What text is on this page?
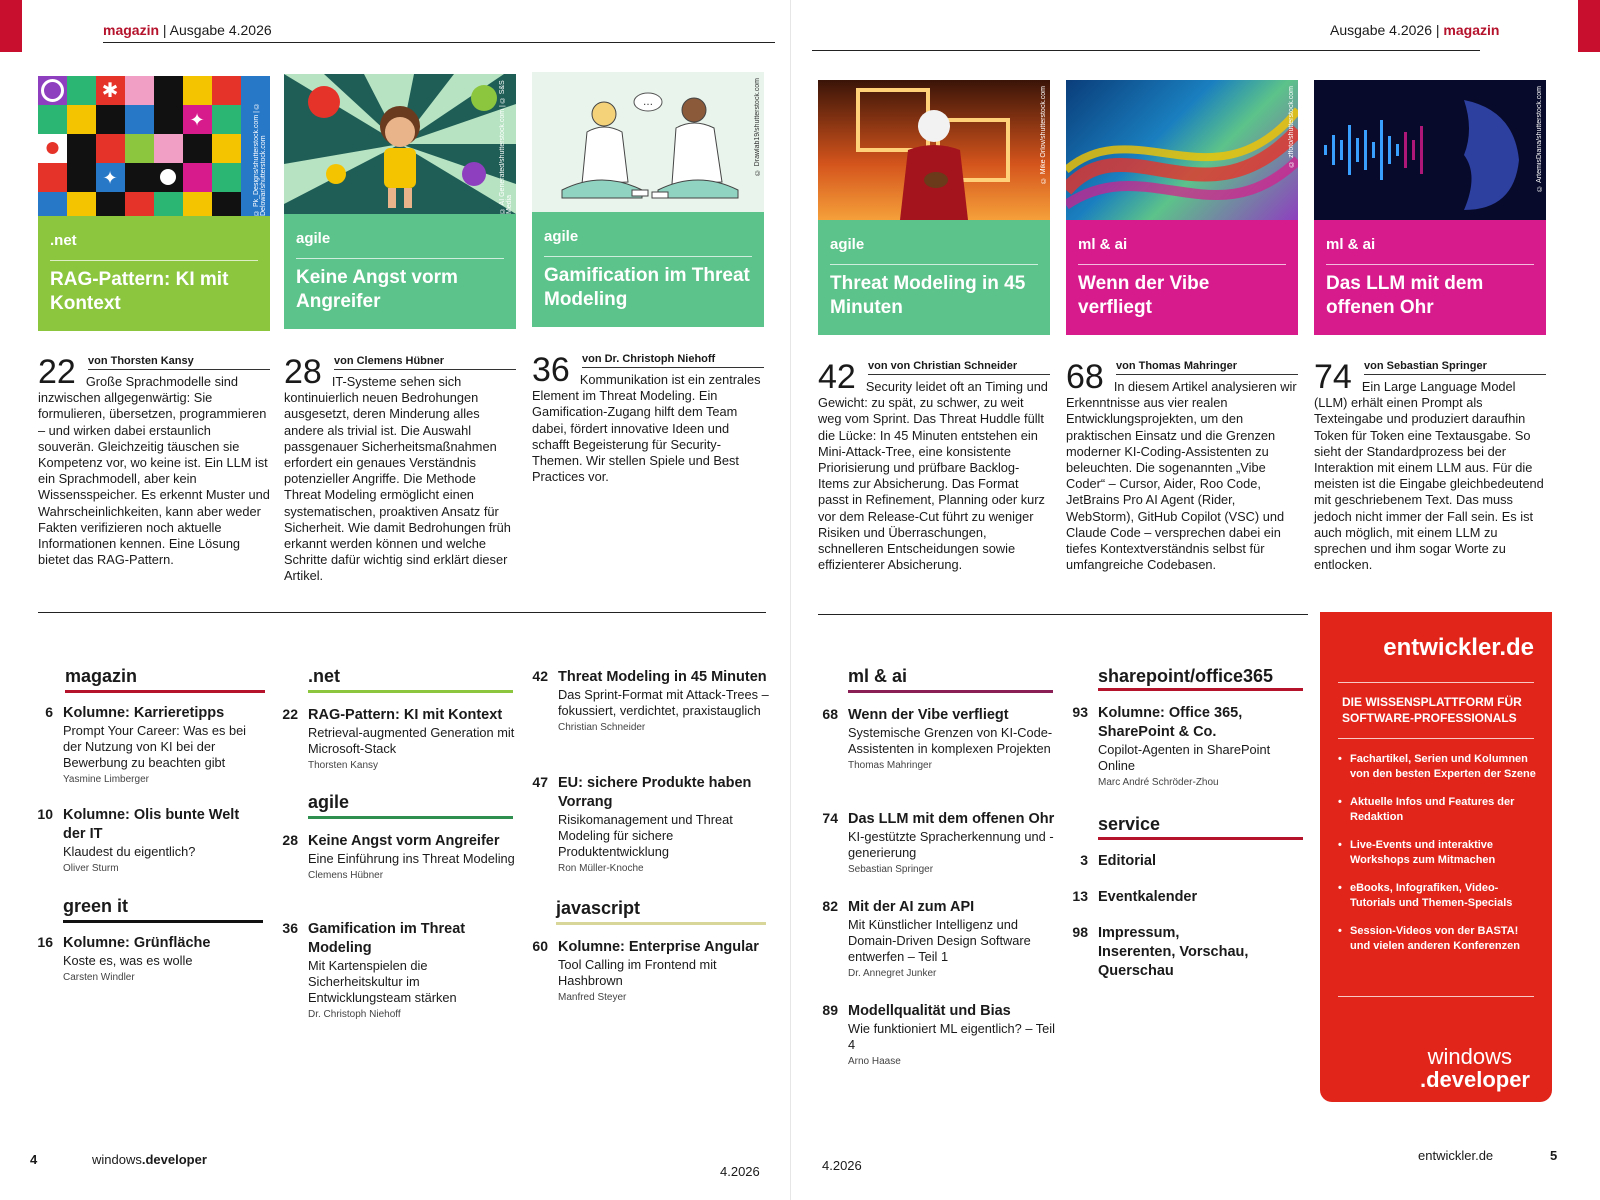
magazin | Ausgabe 4.2026	Ausgabe 4.2026 | magazin
✱
✦
✦	© Pk_Designs/shutterstock.com | © Delowar/shutterstock.com
.net
RAG-Pattern: KI mit Kontext
© AI Generated/shutterstock.com | © S&S Media
agile
Keine Angst vorm Angreifer
…	© Drawlab19/shutterstock.com
agile
Gamification im Threat Modeling
© Mike Orlov/shutterstock.com
agile
Threat Modeling in 45 Minuten
© zffoto/shutterstock.com
ml & ai
Wenn der Vibe verfliegt
© ArtemisDiana/shutterstock.com
ml & ai
Das LLM mit dem offenen Ohr
22 von Thorsten Kansy
Große Sprachmodelle sind inzwischen allgegenwärtig: Sie formulieren, übersetzen, programmieren – und wirken dabei erstaunlich souverän. Gleichzeitig täuschen sie Kompetenz vor, wo keine ist. Ein LLM ist ein Sprachmodell, aber kein Wissensspeicher. Es erkennt Muster und Wahrscheinlichkeiten, kann aber weder Fakten verifizieren noch aktuelle Informationen kennen. Eine Lösung bietet das RAG-Pattern.
28 von Clemens Hübner
IT-Systeme sehen sich kontinuierlich neuen Bedrohungen ausgesetzt, deren Minderung alles andere als trivial ist. Die Auswahl passgenauer Sicherheitsmaßnahmen erfordert ein genaues Verständnis potenzieller Angriffe. Die Methode Threat Modeling ermöglicht einen systematischen, proaktiven Ansatz für Sicherheit. Wie damit Bedrohungen früh erkannt werden können und welche Schritte dafür wichtig sind erklärt dieser Artikel.
36 von Dr. Christoph Niehoff
Kommunikation ist ein zentrales Element im Threat Modeling. Ein Gamification-Zugang hilft dem Team dabei, fördert innovative Ideen und schafft Begeisterung für Security-Themen. Wir stellen Spiele und Best Practices vor.
42 von von Christian Schneider
Security leidet oft an Timing und Gewicht: zu spät, zu schwer, zu weit weg vom Sprint. Das Threat Huddle füllt die Lücke: In 45 Minuten entstehen ein Mini-Attack-Tree, eine konsistente Priorisierung und prüfbare Backlog-Items zur Absicherung. Das Format passt in Refinement, Planning oder kurz vor dem Release-Cut führt zu weniger Risiken und Überraschungen, schnelleren Entscheidungen sowie effizienterer Absicherung.
68 von Thomas Mahringer
In diesem Artikel analysieren wir Erkenntnisse aus vier realen Entwicklungsprojekten, um den praktischen Einsatz und die Grenzen moderner KI-Coding-Assistenten zu beleuchten. Die sogenannten „Vibe Coder“ – Cursor, Aider, Roo Code, JetBrains Pro AI Agent (Rider, WebStorm), GitHub Copilot (VSC) und Claude Code – versprechen dabei ein tiefes Kontextverständnis selbst für umfangreiche Codebasen.
74 von Sebastian Springer
Ein Large Language Model (LLM) erhält einen Prompt als Texteingabe und produziert daraufhin Token für Token eine Textausgabe. So sieht der Standardprozess bei der Interaktion mit einem LLM aus. Für die meisten ist die Eingabe gleichbedeutend mit geschriebenem Text. Das muss jedoch nicht immer der Fall sein. Es ist auch möglich, mit einem LLM zu sprechen und ihm sogar Worte zu entlocken.
magazin
6 Kolumne: Karrieretipps
Prompt Your Career: Was es bei der Nutzung von KI bei der Bewerbung zu beachten gibt
Yasmine Limberger
10 Kolumne: Olis bunte Welt der IT
Klaudest du eigentlich?
Oliver Sturm
green it
16 Kolumne: Grünfläche
Koste es, was es wolle
Carsten Windler
.net
22 RAG-Pattern: KI mit Kontext
Retrieval-augmented Generation mit Microsoft-Stack
Thorsten Kansy
agile
28 Keine Angst vorm Angreifer
Eine Einführung ins Threat Modeling
Clemens Hübner
36 Gamification im Threat Modeling
Mit Kartenspielen die Sicherheitskultur im Entwicklungsteam stärken
Dr. Christoph Niehoff
42 Threat Modeling in 45 Minuten
Das Sprint-Format mit Attack-Trees – fokussiert, verdichtet, praxistauglich
Christian Schneider
47 EU: sichere Produkte haben Vorrang
Risikomanagement und Threat Modeling für sichere Produktentwicklung
Ron Müller-Knoche
javascript
60 Kolumne: Enterprise Angular
Tool Calling im Frontend mit Hashbrown
Manfred Steyer
ml & ai
68 Wenn der Vibe verfliegt
Systemische Grenzen von KI-Code-Assistenten in komplexen Projekten
Thomas Mahringer
74 Das LLM mit dem offenen Ohr
KI-gestützte Spracherkennung und -generierung
Sebastian Springer
82 Mit der AI zum API
Mit Künstlicher Intelligenz und Domain-Driven Design Software entwerfen – Teil 1
Dr. Annegret Junker
89 Modellqualität und Bias
Wie funktioniert ML eigentlich? – Teil 4
Arno Haase
sharepoint/office365
93 Kolumne: Office 365, SharePoint & Co.
Copilot-Agenten in SharePoint Online
Marc André Schröder-Zhou
service
3 Editorial
13 Eventkalender
98 Impressum, Inserenten, Vorschau, Querschau
entwickler.de
DIE WISSENSPLATTFORM FÜR SOFTWARE-PROFESSIONALS
• Fachartikel, Serien und Kolumnen von den besten Experten der Szene
• Aktuelle Infos und Features der Redaktion
• Live-Events und interaktive Workshops zum Mitmachen
• eBooks, Infografiken, Video-Tutorials und Themen-Specials
• Session-Videos von der BASTA! und vielen anderen Konferenzen
windows
.developer
4	windows.developer
4.2026	4.2026
entwickler.de	5
